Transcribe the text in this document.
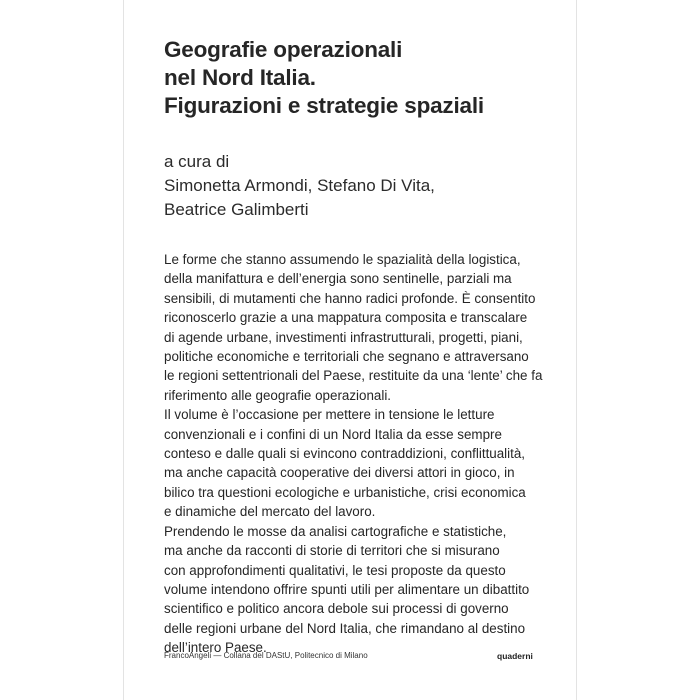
Geografie operazionali
nel Nord Italia.
Figurazioni e strategie spaziali
a cura di
Simonetta Armondi, Stefano Di Vita,
Beatrice Galimberti
Le forme che stanno assumendo le spazialità della logistica,
della manifattura e dell’energia sono sentinelle, parziali ma
sensibili, di mutamenti che hanno radici profonde. È consentito
riconoscerlo grazie a una mappatura composita e transcalare
di agende urbane, investimenti infrastrutturali, progetti, piani,
politiche economiche e territoriali che segnano e attraversano
le regioni settentrionali del Paese, restituite da una ‘lente’ che fa
riferimento alle geografie operazionali.
Il volume è l’occasione per mettere in tensione le letture
convenzionali e i confini di un Nord Italia da esse sempre
conteso e dalle quali si evincono contraddizioni, conflittualità,
ma anche capacità cooperative dei diversi attori in gioco, in
bilico tra questioni ecologiche e urbanistiche, crisi economica
e dinamiche del mercato del lavoro.
Prendendo le mosse da analisi cartografiche e statistiche,
ma anche da racconti di storie di territori che si misurano
con approfondimenti qualitativi, le tesi proposte da questo
volume intendono offrire spunti utili per alimentare un dibattito
scientifico e politico ancora debole sui processi di governo
delle regioni urbane del Nord Italia, che rimandano al destino
dell’intero Paese.
FrancoAngeli — Collana del DAStU, Politecnico di Milano	quaderni
